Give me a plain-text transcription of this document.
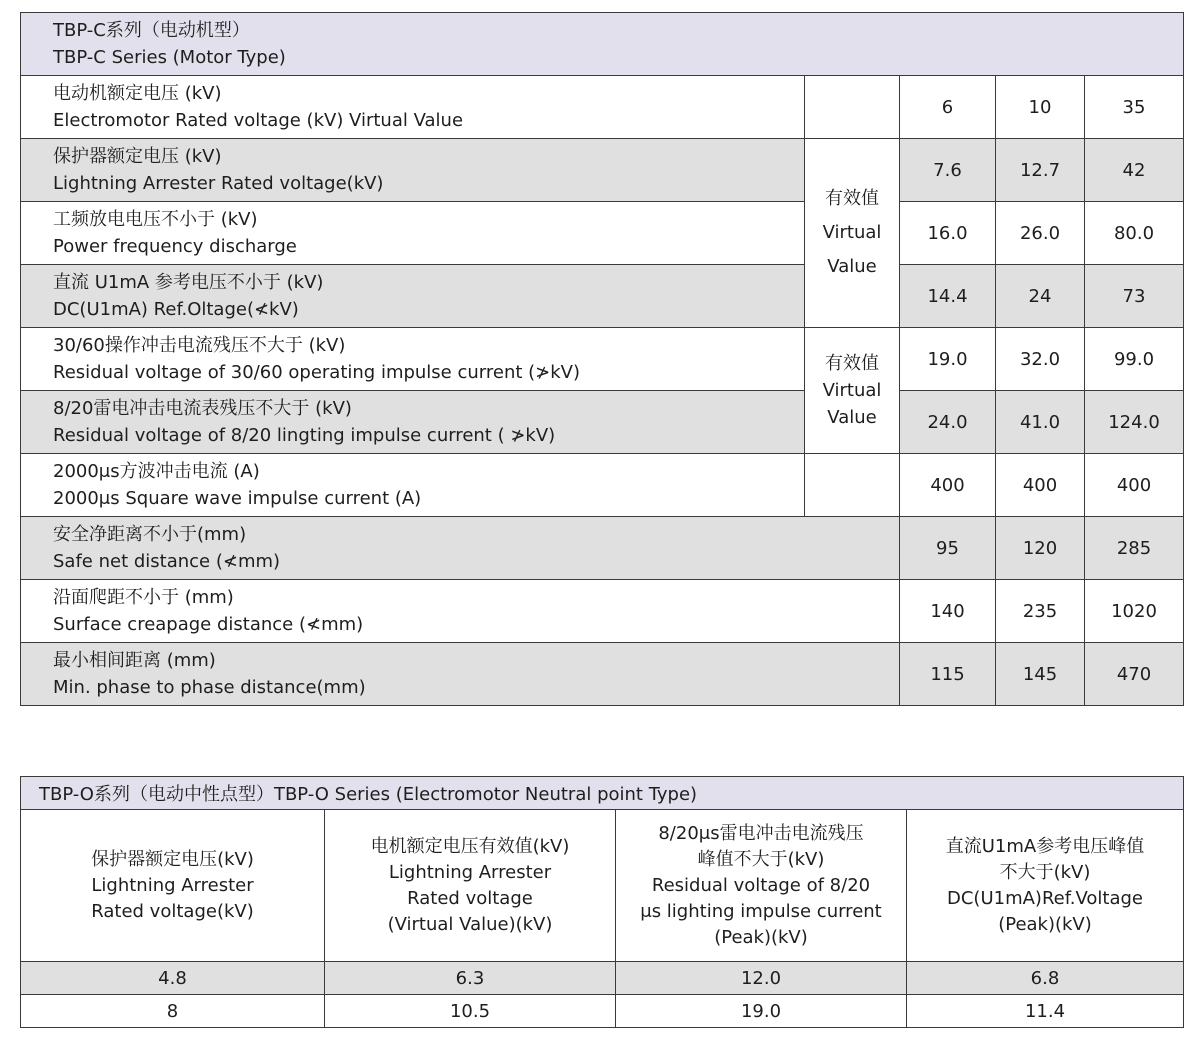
TBP-C系列（电动机型）
TBP-C Series (Motor Type)				

电动机额定电压 (kV)
Electromotor Rated voltage (kV) Virtual Value		6	10	35

保护器额定电压 (kV)
Lightning Arrester Rated voltage(kV)	有效值
Virtual
Value	7.6	12.7	42

工频放电电压不小于 (kV)
Power frequency discharge		16.0	26.0	80.0

直流 U1mA 参考电压不小于 (kV)
DC(U1mA) Ref.Oltage(≮kV)		14.4	24	73

30/60操作冲击电流残压不大于 (kV)
Residual voltage of 30/60 operating impulse current (≯kV)	有效值
Virtual
Value	19.0	32.0	99.0

8/20雷电冲击电流表残压不大于 (kV)
Residual voltage of 8/20 lingting impulse current ( ≯kV)		24.0	41.0	124.0

2000μs方波冲击电流 (A)
2000μs Square wave impulse current (A)		400	400	400

安全净距离不小于(mm)
Safe net distance (≮mm)		95	120	285

沿面爬距不小于 (mm)
Surface creapage distance (≮mm)		140	235	1020

最小相间距离 (mm)
Min. phase to phase distance(mm)		115	145	470
TBP-O系列（电动中性点型）TBP-O Series (Electromotor Neutral point Type)			

保护器额定电压(kV)
Lightning Arrester
Rated voltage(kV)	电机额定电压有效值(kV)
Lightning Arrester
Rated voltage
(Virtual Value)(kV)	8/20μs雷电冲击电流残压
峰值不大于(kV)
Residual voltage of 8/20
μs lighting impulse current
(Peak)(kV)	直流U1mA参考电压峰值
不大于(kV)
DC(U1mA)Ref.Voltage
(Peak)(kV)

4.8	6.3	12.0	6.8
8	10.5	19.0	11.4
